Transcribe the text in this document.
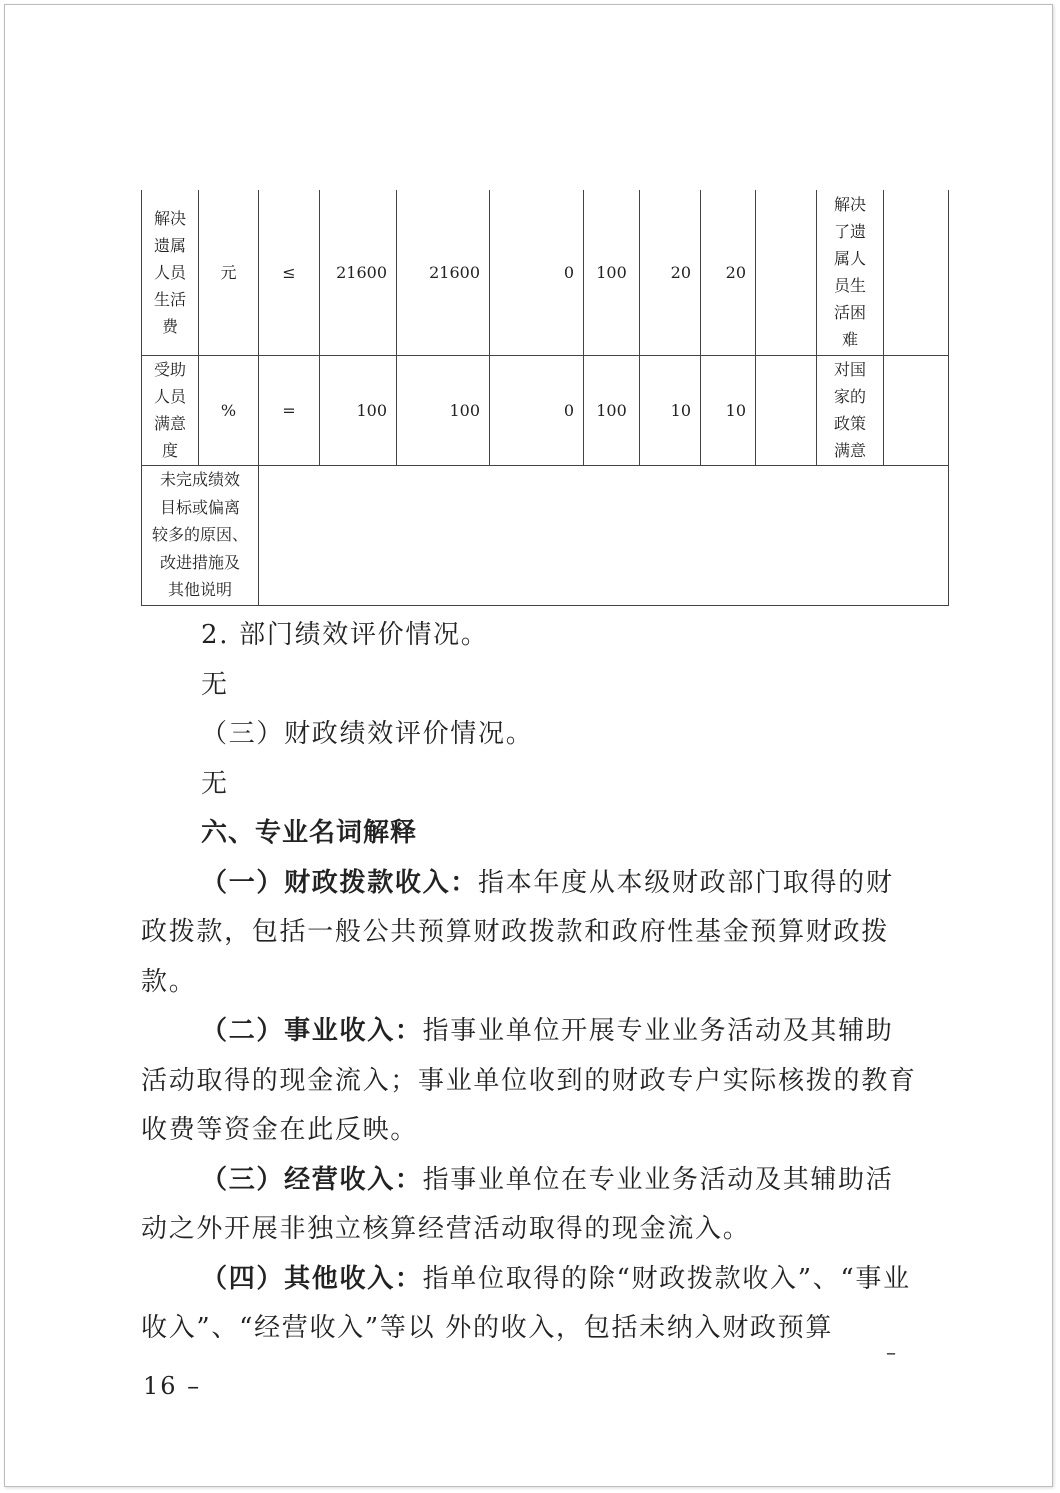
解决遗属人员生活费	元	≤	21600	21600	0	100	20	20		解决了遗属人员生活困难	

受助人员满意度	%	=	100	100	0	100	10	10		对国家的政策满意	

未完成绩效
目标或偏离
较多的原因、
改进措施及
其他说明											

2. 部门绩效评价情况。

无

（三）财政绩效评价情况。

无

六、专业名词解释

（一）财政拨款收入：指本年度从本级财政部门取得的财政拨款，包括一般公共预算财政拨款和政府性基金预算财政拨款。

（二）事业收入：指事业单位开展专业业务活动及其辅助活动取得的现金流入；事业单位收到的财政专户实际核拨的教育收费等资金在此反映。

（三）经营收入：指事业单位在专业业务活动及其辅助活动之外开展非独立核算经营活动取得的现金流入。

（四）其他收入：指单位取得的除“财政拨款收入”、“事业收入”、“经营收入”等以 外的收入，包括未纳入财政预算

–
16 –
